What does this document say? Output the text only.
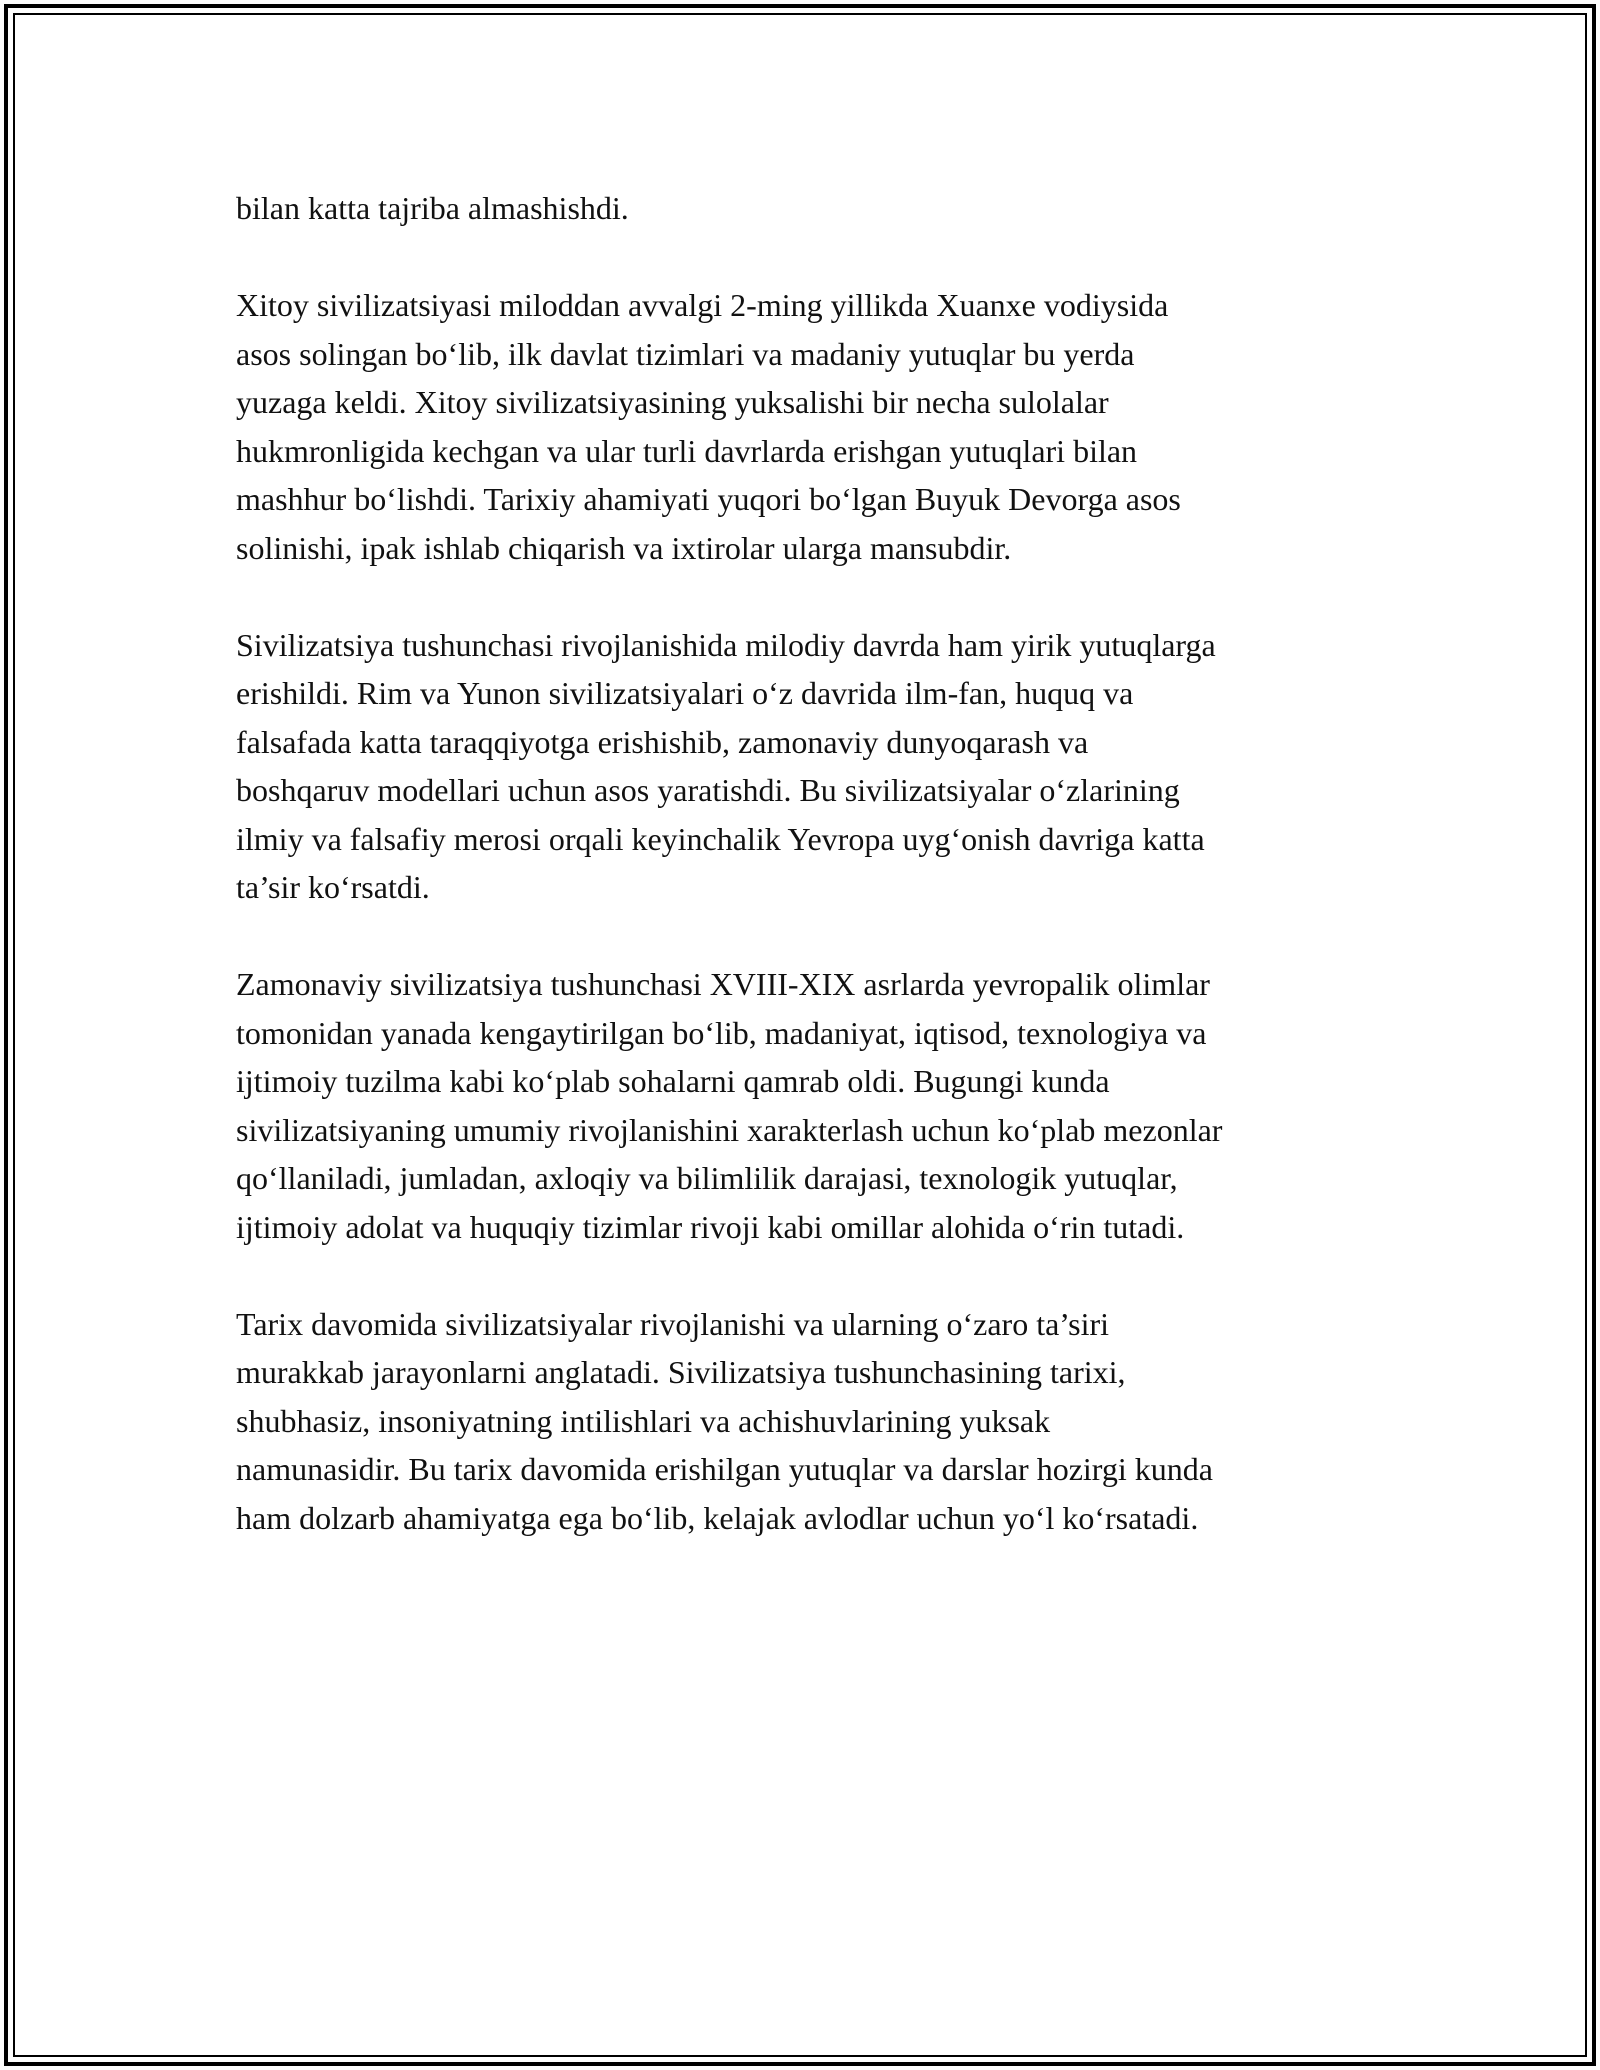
bilan katta tajriba almashishdi.

Xitoy sivilizatsiyasi miloddan avvalgi 2-ming yillikda Xuanxe vodiysida
asos solingan bo‘lib, ilk davlat tizimlari va madaniy yutuqlar bu yerda
yuzaga keldi. Xitoy sivilizatsiyasining yuksalishi bir necha sulolalar
hukmronligida kechgan va ular turli davrlarda erishgan yutuqlari bilan
mashhur bo‘lishdi. Tarixiy ahamiyati yuqori bo‘lgan Buyuk Devorga asos
solinishi, ipak ishlab chiqarish va ixtirolar ularga mansubdir.

Sivilizatsiya tushunchasi rivojlanishida milodiy davrda ham yirik yutuqlarga
erishildi. Rim va Yunon sivilizatsiyalari o‘z davrida ilm-fan, huquq va
falsafada katta taraqqiyotga erishishib, zamonaviy dunyoqarash va
boshqaruv modellari uchun asos yaratishdi. Bu sivilizatsiyalar o‘zlarining
ilmiy va falsafiy merosi orqali keyinchalik Yevropa uyg‘onish davriga katta
ta’sir ko‘rsatdi.

Zamonaviy sivilizatsiya tushunchasi XVIII-XIX asrlarda yevropalik olimlar
tomonidan yanada kengaytirilgan bo‘lib, madaniyat, iqtisod, texnologiya va
ijtimoiy tuzilma kabi ko‘plab sohalarni qamrab oldi. Bugungi kunda
sivilizatsiyaning umumiy rivojlanishini xarakterlash uchun ko‘plab mezonlar
qo‘llaniladi, jumladan, axloqiy va bilimlilik darajasi, texnologik yutuqlar,
ijtimoiy adolat va huquqiy tizimlar rivoji kabi omillar alohida o‘rin tutadi.

Tarix davomida sivilizatsiyalar rivojlanishi va ularning o‘zaro ta’siri
murakkab jarayonlarni anglatadi. Sivilizatsiya tushunchasining tarixi,
shubhasiz, insoniyatning intilishlari va achishuvlarining yuksak
namunasidir. Bu tarix davomida erishilgan yutuqlar va darslar hozirgi kunda
ham dolzarb ahamiyatga ega bo‘lib, kelajak avlodlar uchun yo‘l ko‘rsatadi.
